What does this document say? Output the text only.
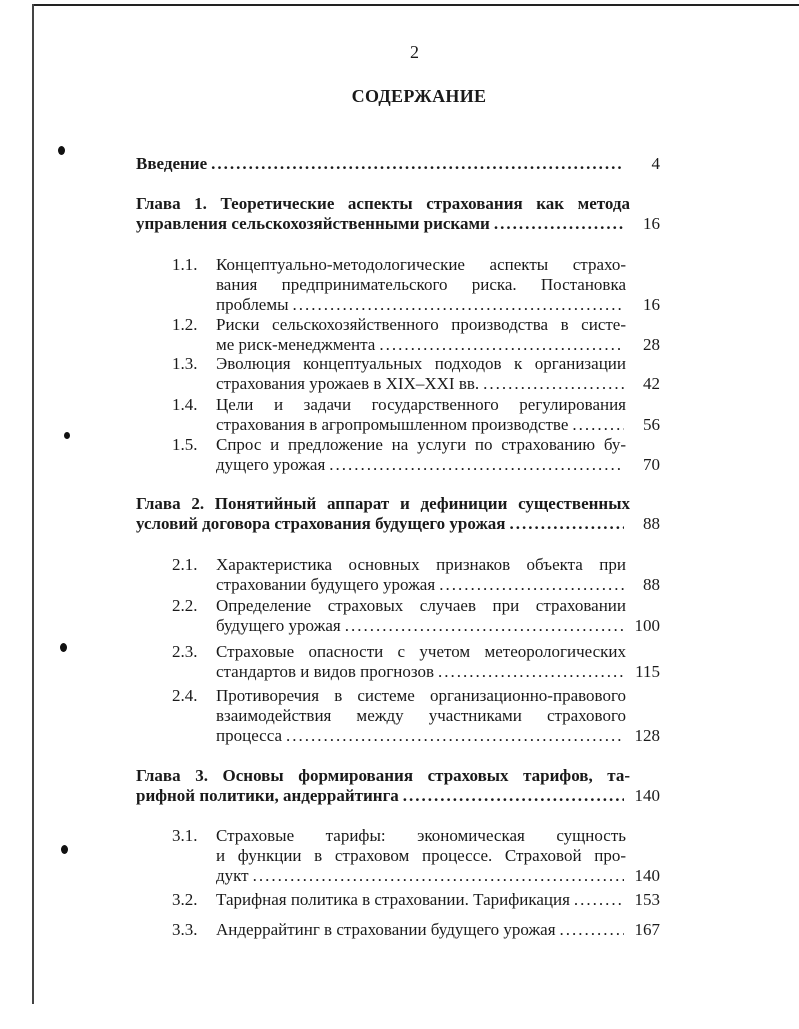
2
СОДЕРЖАНИЕ
Введение .....	4
Глава 1. Теоретические аспекты страхования как метода
управления сельскохозяйственными рисками .....	16
1.1.	Концептуально-методологические аспекты страхо-
вания предпринимательского риска. Постановка
проблемы .....	16
1.2.	Риски сельскохозяйственного производства в систе-
ме риск-менеджмента .....	28
1.3.	Эволюция концептуальных подходов к организации
страхования урожаев в XIX–XXI вв. .....	42
1.4.	Цели и задачи государственного регулирования
страхования в агропромышленном производстве .....	56
1.5.	Спрос и предложение на услуги по страхованию бу-
дущего урожая .....	70
Глава 2. Понятийный аппарат и дефиниции существенных
условий договора страхования будущего урожая .....	88
2.1.	Характеристика основных признаков объекта при
страховании будущего урожая .....	88
2.2.	Определение страховых случаев при страховании
будущего урожая .....	100
2.3.	Страховые опасности с учетом метеорологических
стандартов и видов прогнозов .....	115
2.4.	Противоречия в системе организационно-правового
взаимодействия между участниками страхового
процесса .....	128
Глава 3. Основы формирования страховых тарифов, та-
рифной политики, андеррайтинга .....	140
3.1.	Страховые тарифы: экономическая сущность
и функции в страховом процессе. Страховой про-
дукт .....	140
3.2.	Тарифная политика в страховании. Тарификация .....	153
3.3.	Андеррайтинг в страховании будущего урожая .....	167
